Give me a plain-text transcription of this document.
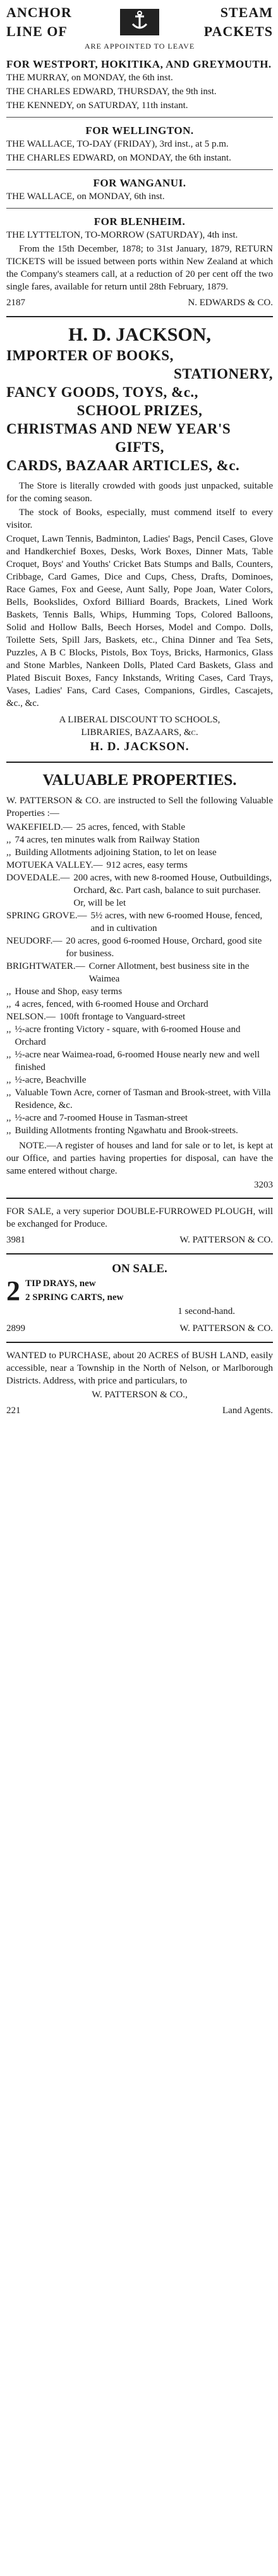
ANCHOR
LINE OF
STEAM
PACKETS
ARE APPOINTED TO LEAVE
FOR WESTPORT, HOKITIKA, AND GREYMOUTH.
THE MURRAY, on MONDAY, the 6th inst.
THE CHARLES EDWARD, THURSDAY, the 9th inst.
THE KENNEDY, on SATURDAY, 11th instant.
FOR WELLINGTON.
THE WALLACE, TO-DAY (FRIDAY), 3rd inst., at 5 p.m.
THE CHARLES EDWARD, on MONDAY, the 6th instant.
FOR WANGANUI.
THE WALLACE, on MONDAY, 6th inst.
FOR BLENHEIM.
THE LYTTELTON, TO-MORROW (SATURDAY), 4th inst.
From the 15th December, 1878; to 31st January, 1879, RETURN TICKETS will be issued between ports within New Zealand at which the Company's steamers call, at a reduction of 20 per cent off the two single fares, available for return until 28th February, 1879.
2187	N. EDWARDS & CO.
H. D. JACKSON,
IMPORTER OF BOOKS,
STATIONERY,
FANCY GOODS, TOYS, &c.,
SCHOOL PRIZES,
CHRISTMAS AND NEW YEAR'S
GIFTS,
CARDS, BAZAAR ARTICLES, &c.
The Store is literally crowded with goods just unpacked, suitable for the coming season.
The stock of Books, especially, must commend itself to every visitor.
Croquet, Lawn Tennis, Badminton, Ladies' Bags, Pencil Cases, Glove and Handkerchief Boxes, Desks, Work Boxes, Dinner Mats, Table Croquet, Boys' and Youths' Cricket Bats Stumps and Balls, Counters, Cribbage, Card Games, Dice and Cups, Chess, Drafts, Dominoes, Race Games, Fox and Geese, Aunt Sally, Pope Joan, Water Colors, Bells, Bookslides, Oxford Billiard Boards, Brackets, Lined Work Baskets, Tennis Balls, Whips, Humming Tops, Colored Balloons, Solid and Hollow Balls, Beech Horses, Model and Compo. Dolls, Toilette Sets, Spill Jars, Baskets, etc., China Dinner and Tea Sets, Puzzles, A B C Blocks, Pistols, Box Toys, Bricks, Harmonics, Glass and Stone Marbles, Nankeen Dolls, Plated Card Baskets, Glass and Plated Biscuit Boxes, Fancy Inkstands, Writing Cases, Card Trays, Vases, Ladies' Fans, Card Cases, Companions, Girdles, Cascajets, &c., &c.
A LIBERAL DISCOUNT TO SCHOOLS,
LIBRARIES, BAZAARS, &c.
H. D. JACKSON.
VALUABLE PROPERTIES.
W. PATTERSON & CO. are instructed to Sell the following Valuable Properties :—
WAKEFIELD.— 25 acres, fenced, with Stable
,, 74 acres, ten minutes walk from Railway Station
,, Building Allotments adjoining Station, to let on lease
MOTUEKA VALLEY.— 912 acres, easy terms
DOVEDALE.— 200 acres, with new 8-roomed House, Outbuildings, Orchard, &c. Part cash, balance to suit purchaser. Or, will be let
SPRING GROVE.— 5½ acres, with new 6-roomed House, fenced, and in cultivation
NEUDORF.— 20 acres, good 6-roomed House, Orchard, good site for business.
BRIGHTWATER.— Corner Allotment, best business site in the Waimea
,, House and Shop, easy terms
,, 4 acres, fenced, with 6-roomed House and Orchard
NELSON.— 100ft frontage to Vanguard-street
,, ½-acre fronting Victory - square, with 6-roomed House and Orchard
,, ½-acre near Waimea-road, 6-roomed House nearly new and well finished
,, ½-acre, Beachville
,, Valuable Town Acre, corner of Tasman and Brook-street, with Villa Residence, &c.
,, ½-acre and 7-roomed House in Tasman-street
,, Building Allotments fronting Ngawhatu and Brook-streets.
NOTE.—A register of houses and land for sale or to let, is kept at our Office, and parties having properties for disposal, can have the same entered without charge.
3203
FOR SALE, a very superior DOUBLE-FURROWED PLOUGH, will be exchanged for Produce.
3981	W. PATTERSON & CO.
ON SALE.
2 TIP DRAYS, new
2 SPRING CARTS, new
1 second-hand.
2899	W. PATTERSON & CO.
WANTED to PURCHASE, about 20 ACRES of BUSH LAND, easily accessible, near a Township in the North of Nelson, or Marlborough Districts. Address, with price and particulars, to
W. PATTERSON & CO.,
221	Land Agents.
